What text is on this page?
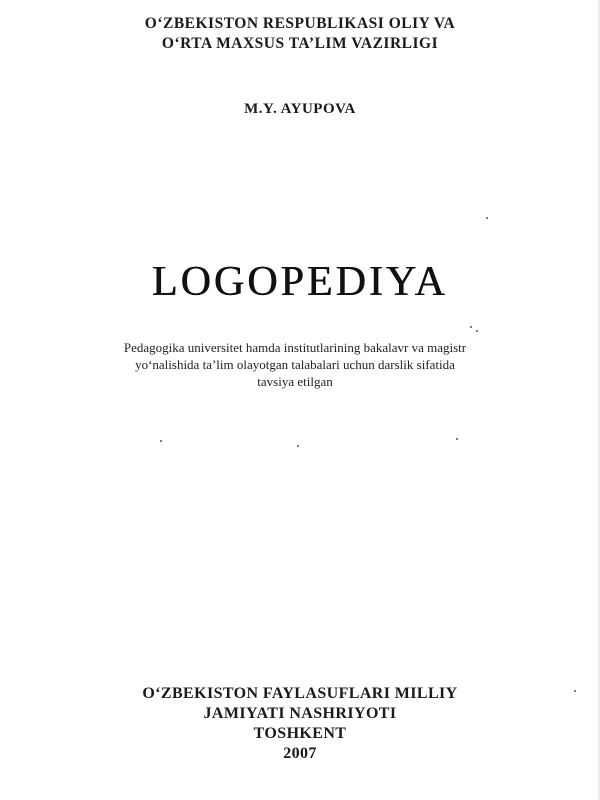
O‘ZBEKISTON RESPUBLIKASI OLIY VA
O‘RTA MAXSUS TA’LIM VAZIRLIGI
M.Y. AYUPOVA
LOGOPEDIYA
Pedagogika universitet hamda institutlarining bakalavr va magistr
yo‘nalishida ta’lim olayotgan talabalari uchun darslik sifatida
tavsiya etilgan
O‘ZBEKISTON FAYLASUFLARI MILLIY
JAMIYATI NASHRIYOTI
TOSHKENT
2007
